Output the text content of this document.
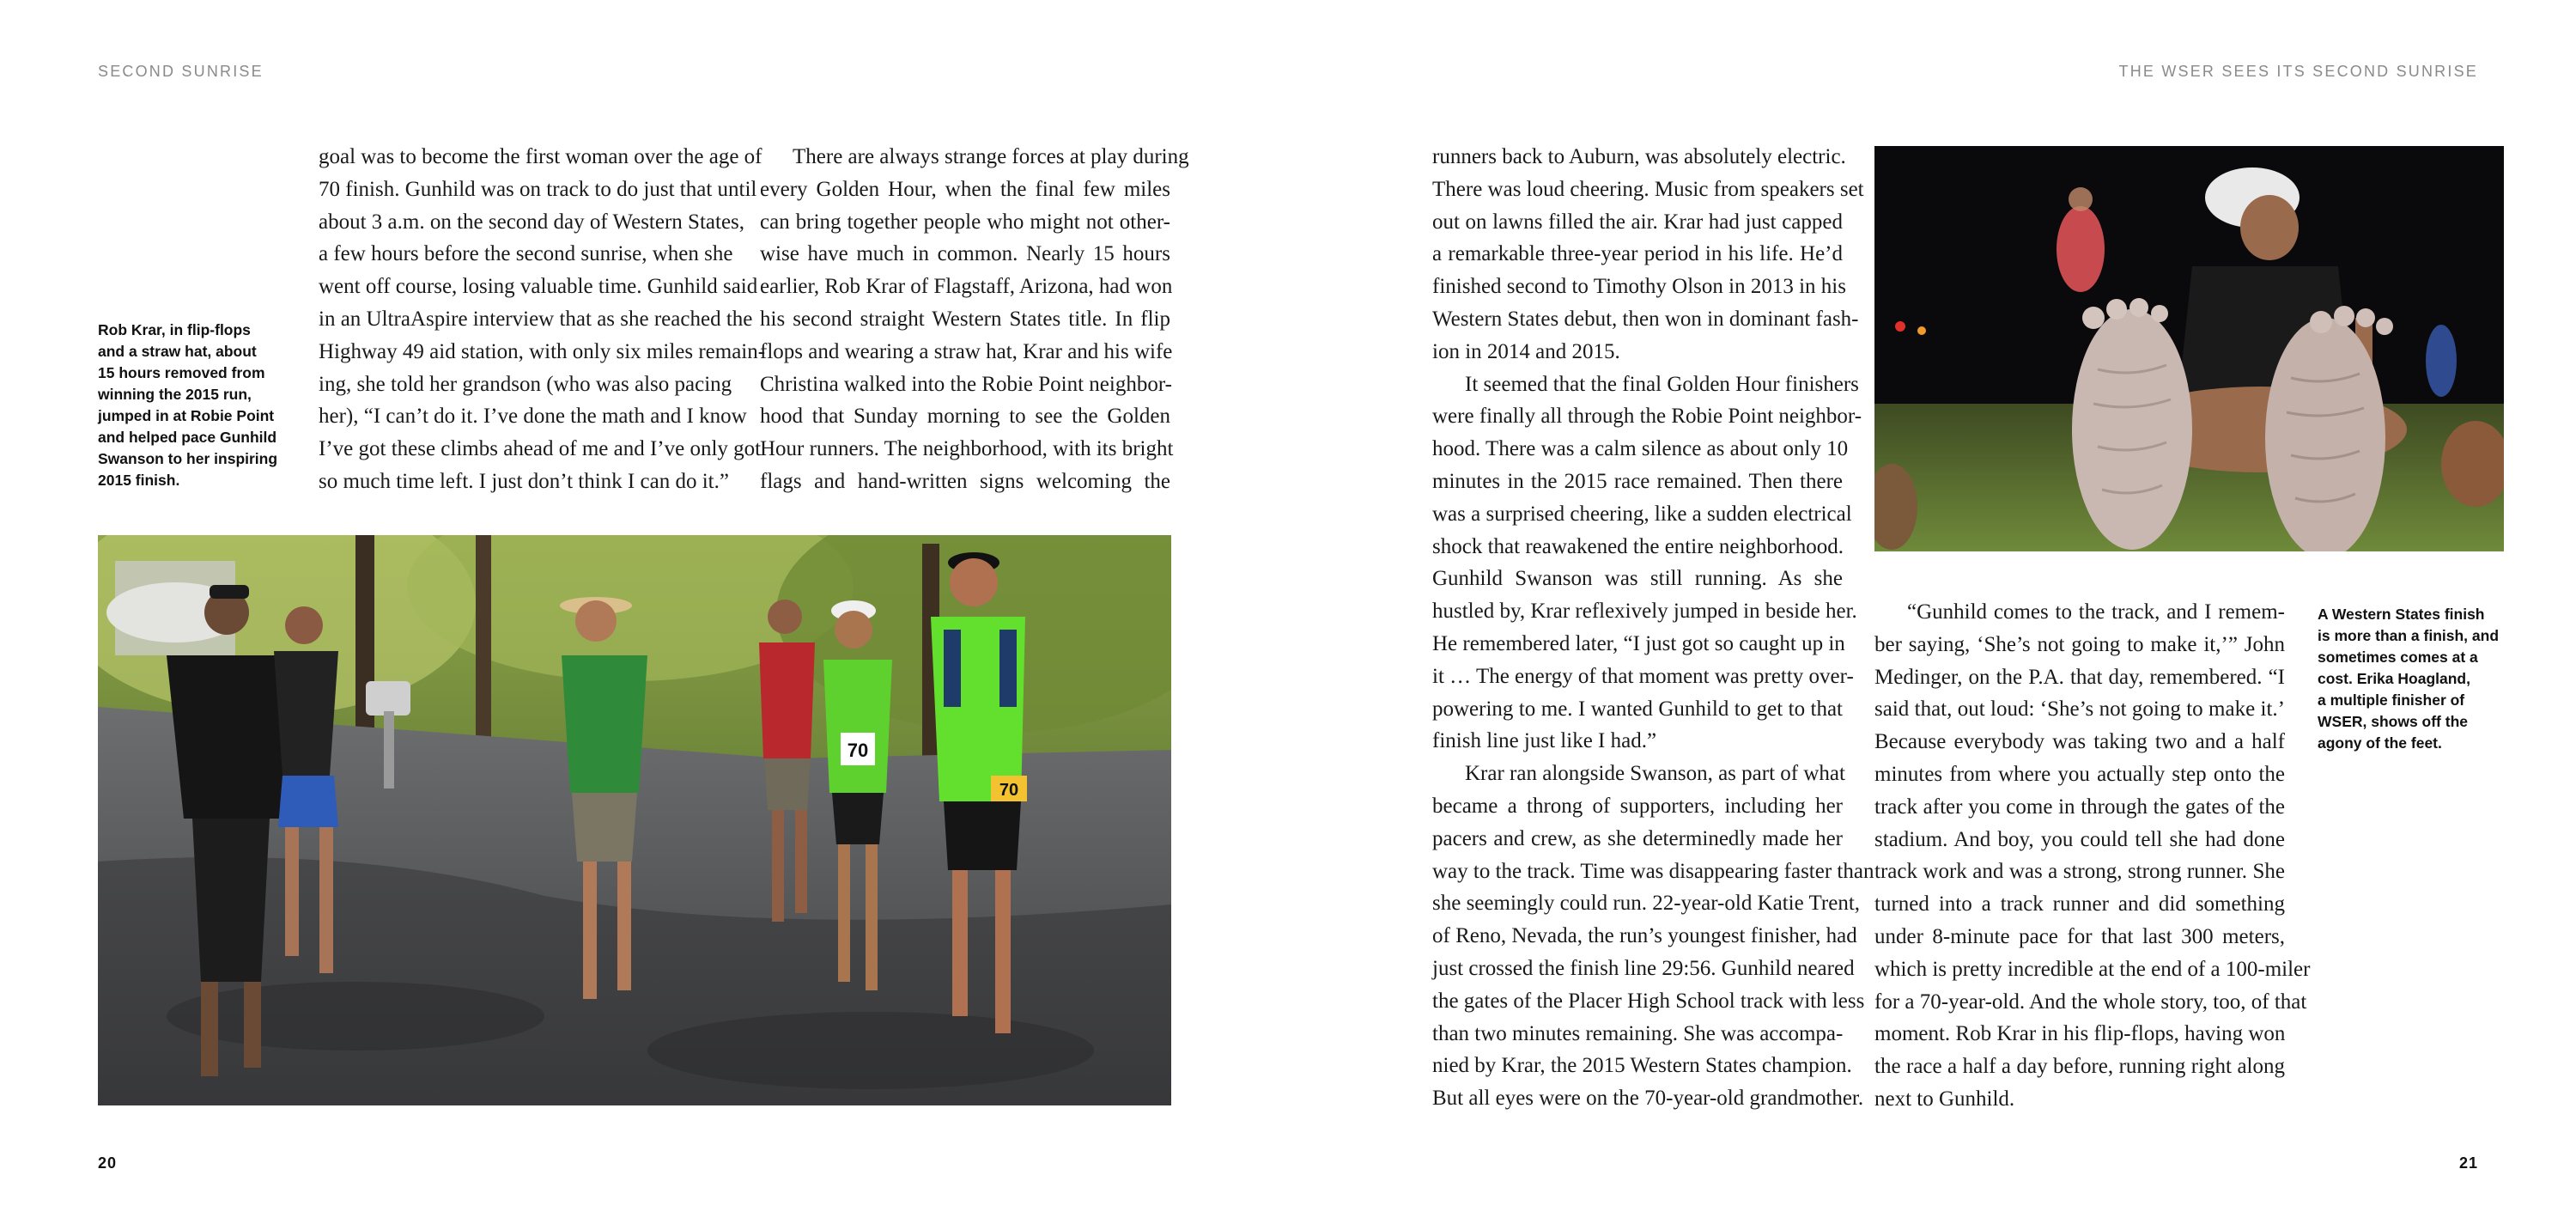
SECOND SUNRISE
Rob Krar, in flip-flops
and a straw hat, about
15 hours removed from
winning the 2015 run,
jumped in at Robie Point
and helped pace Gunhild
Swanson to her inspiring
2015 finish.
goal was to become the first woman over the age of
70 finish. Gunhild was on track to do just that until
about 3 a.m. on the second day of Western States,
a few hours before the second sunrise, when she
went off course, losing valuable time. Gunhild said
in an UltraAspire interview that as she reached the
Highway 49 aid station, with only six miles remain-
ing, she told her grandson (who was also pacing
her), “I can’t do it. I’ve done the math and I know
I’ve got these climbs ahead of me and I’ve only got
so much time left. I just don’t think I can do it.”
There are always strange forces at play during
every Golden Hour, when the final few miles
can bring together people who might not other-
wise have much in common. Nearly 15 hours
earlier, Rob Krar of Flagstaff, Arizona, had won
his second straight Western States title. In flip
flops and wearing a straw hat, Krar and his wife
Christina walked into the Robie Point neighbor-
hood that Sunday morning to see the Golden
Hour runners. The neighborhood, with its bright
flags and hand-written signs welcoming the
70
70
20
THE WSER SEES ITS SECOND SUNRISE
runners back to Auburn, was absolutely electric.
There was loud cheering. Music from speakers set
out on lawns filled the air. Krar had just capped
a remarkable three-year period in his life. He’d
finished second to Timothy Olson in 2013 in his
Western States debut, then won in dominant fash-
ion in 2014 and 2015.
It seemed that the final Golden Hour finishers
were finally all through the Robie Point neighbor-
hood. There was a calm silence as about only 10
minutes in the 2015 race remained. Then there
was a surprised cheering, like a sudden electrical
shock that reawakened the entire neighborhood.
Gunhild Swanson was still running. As she
hustled by, Krar reflexively jumped in beside her.
He remembered later, “I just got so caught up in
it … The energy of that moment was pretty over-
powering to me. I wanted Gunhild to get to that
finish line just like I had.”
Krar ran alongside Swanson, as part of what
became a throng of supporters, including her
pacers and crew, as she determinedly made her
way to the track. Time was disappearing faster than
she seemingly could run. 22-year-old Katie Trent,
of Reno, Nevada, the run’s youngest finisher, had
just crossed the finish line 29:56. Gunhild neared
the gates of the Placer High School track with less
than two minutes remaining. She was accompa-
nied by Krar, the 2015 Western States champion.
But all eyes were on the 70-year-old grandmother.
“Gunhild comes to the track, and I remem-
ber saying, ‘She’s not going to make it,’” John
Medinger, on the P.A. that day, remembered. “I
said that, out loud: ‘She’s not going to make it.’
Because everybody was taking two and a half
minutes from where you actually step onto the
track after you come in through the gates of the
stadium. And boy, you could tell she had done
track work and was a strong, strong runner. She
turned into a track runner and did something
under 8-minute pace for that last 300 meters,
which is pretty incredible at the end of a 100-miler
for a 70-year-old. And the whole story, too, of that
moment. Rob Krar in his flip-flops, having won
the race a half a day before, running right along
next to Gunhild.
A Western States finish
is more than a finish, and
sometimes comes at a
cost. Erika Hoagland,
a multiple finisher of
WSER, shows off the
agony of the feet.
21
